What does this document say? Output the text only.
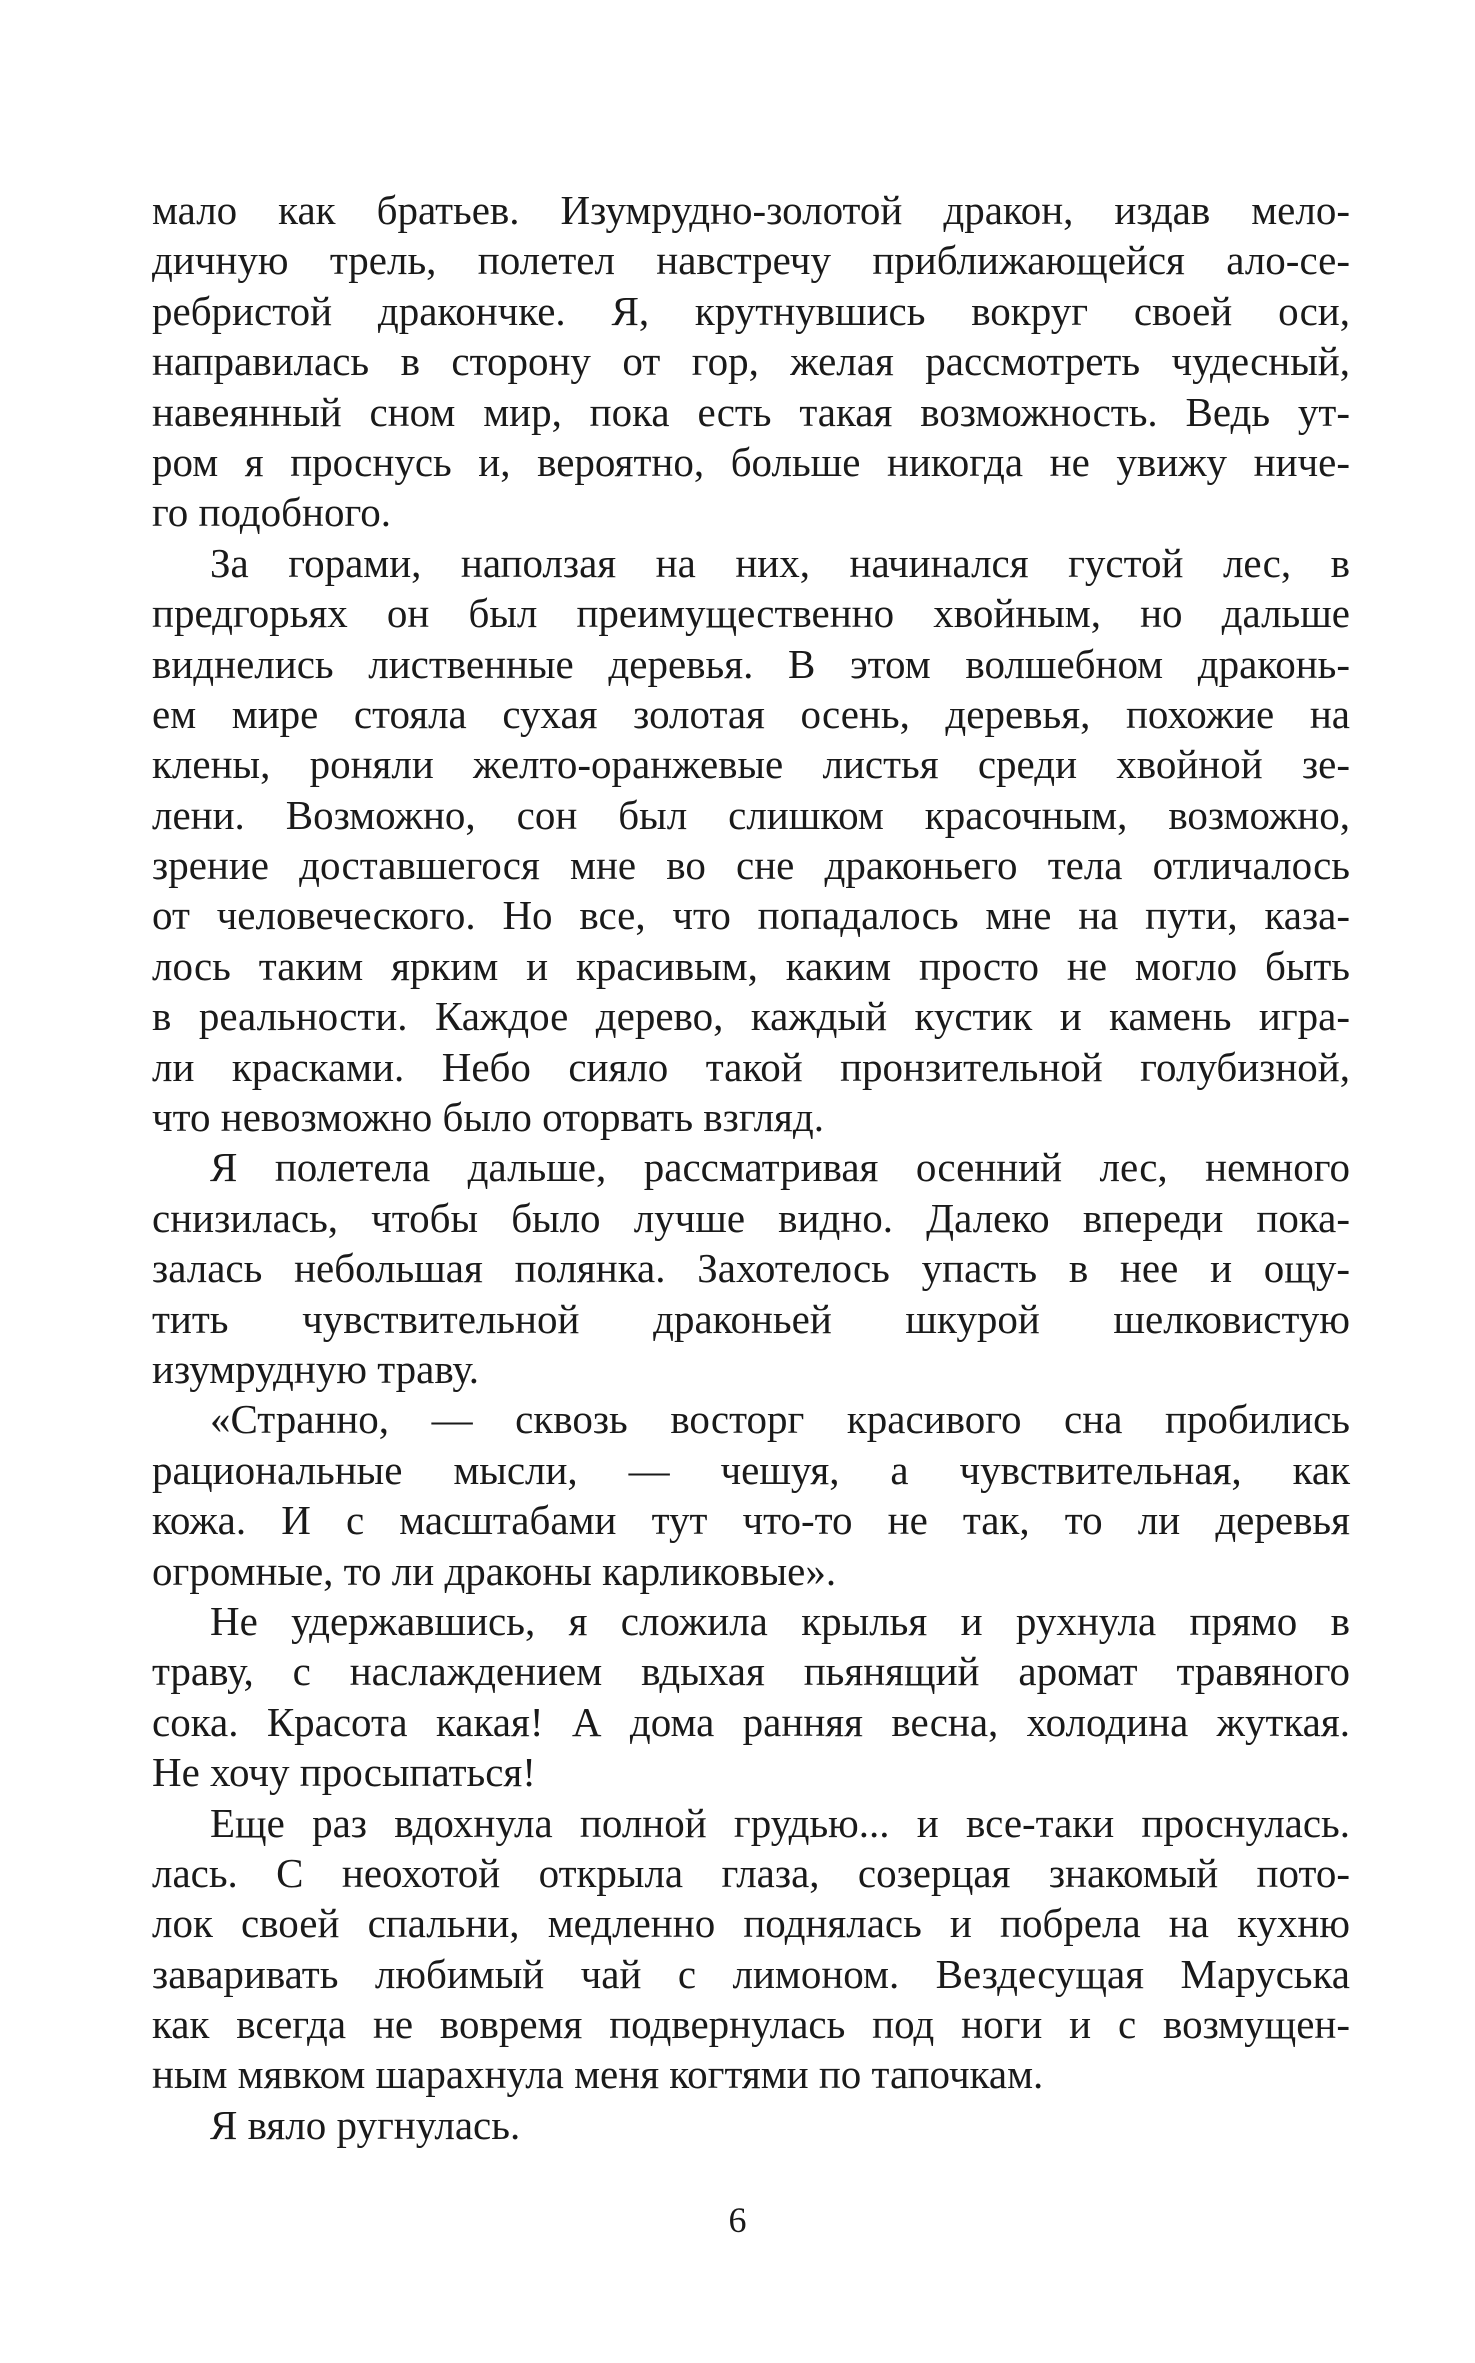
мало как братьев. Изумрудно-золотой дракон, издав мело-
дичную трель, полетел навстречу приближающейся ало-се-
ребристой дракончке. Я, крутнувшись вокруг своей оси,
направилась в сторону от гор, желая рассмотреть чудесный,
навеянный сном мир, пока есть такая возможность. Ведь ут-
ром я проснусь и, вероятно, больше никогда не увижу ниче-
го подобного.
За горами, наползая на них, начинался густой лес, в
предгорьях он был преимущественно хвойным, но дальше
виднелись лиственные деревья. В этом волшебном драконь-
ем мире стояла сухая золотая осень, деревья, похожие на
клены, роняли желто-оранжевые листья среди хвойной зе-
лени. Возможно, сон был слишком красочным, возможно,
зрение доставшегося мне во сне драконьего тела отличалось
от человеческого. Но все, что попадалось мне на пути, каза-
лось таким ярким и красивым, каким просто не могло быть
в реальности. Каждое дерево, каждый кустик и камень игра-
ли красками. Небо сияло такой пронзительной голубизной,
что невозможно было оторвать взгляд.
Я полетела дальше, рассматривая осенний лес, немного
снизилась, чтобы было лучше видно. Далеко впереди пока-
залась небольшая полянка. Захотелось упасть в нее и ощу-
тить чувствительной драконьей шкурой шелковистую
изумрудную траву.
«Странно, — сквозь восторг красивого сна пробились
рациональные мысли, — чешуя, а чувствительная, как
кожа. И с масштабами тут что-то не так, то ли деревья
огромные, то ли драконы карликовые».
Не удержавшись, я сложила крылья и рухнула прямо в
траву, с наслаждением вдыхая пьянящий аромат травяного
сока. Красота какая! А дома ранняя весна, холодина жуткая.
Не хочу просыпаться!
Еще раз вдохнула полной грудью... и все-таки проснулась.
лась. С неохотой открыла глаза, созерцая знакомый пото-
лок своей спальни, медленно поднялась и побрела на кухню
заваривать любимый чай с лимоном. Вездесущая Маруська
как всегда не вовремя подвернулась под ноги и с возмущен-
ным мявком шарахнула меня когтями по тапочкам.
Я вяло ругнулась.
6
